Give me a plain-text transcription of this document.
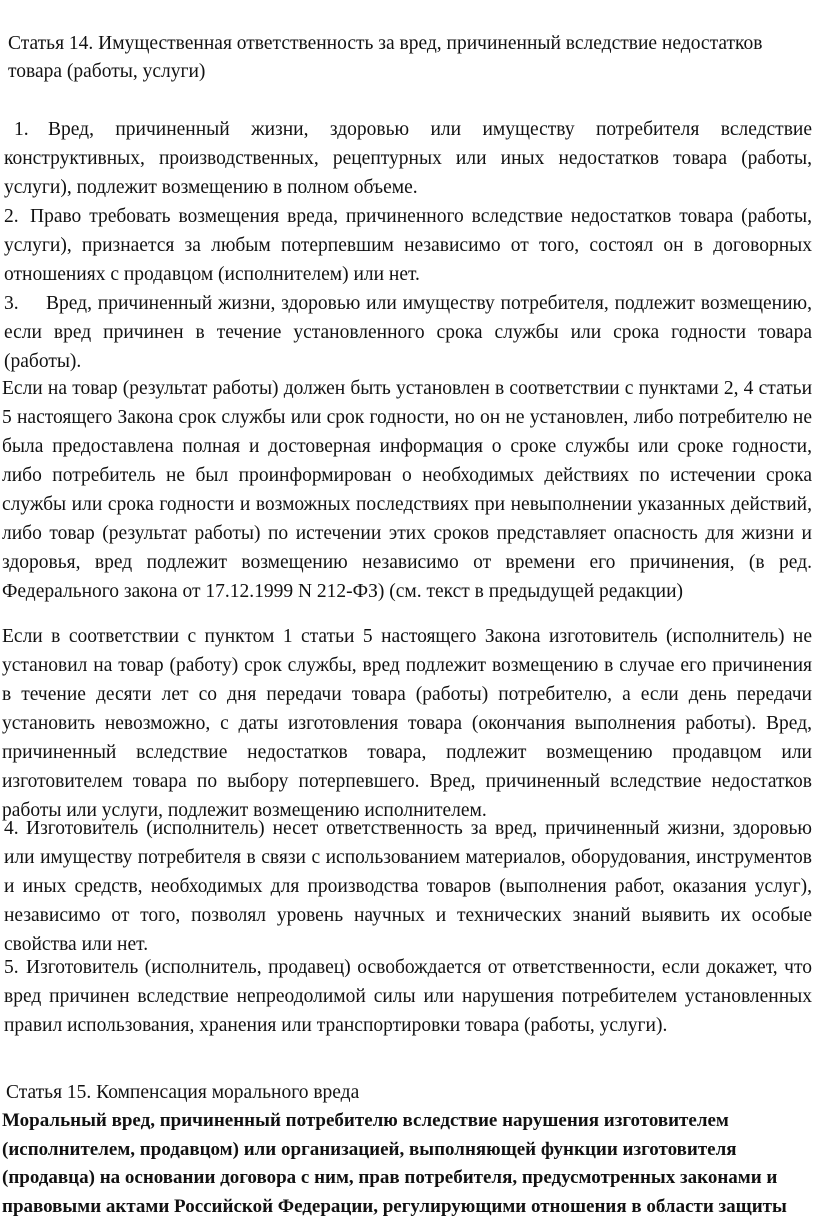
Статья 14. Имущественная ответственность за вред, причиненный вследствие недостатков товара (работы, услуги)
1. Вред, причиненный жизни, здоровью или имуществу потребителя вследствие конструктивных, производственных, рецептурных или иных недостатков товара (работы, услуги), подлежит возмещению в полном объеме.
2. Право требовать возмещения вреда, причиненного вследствие недостатков товара (работы, услуги), признается за любым потерпевшим независимо от того, состоял он в договорных отношениях с продавцом (исполнителем) или нет.
3. Вред, причиненный жизни, здоровью или имуществу потребителя, подлежит возмещению, если вред причинен в течение установленного срока службы или срока годности товара (работы).
Если на товар (результат работы) должен быть установлен в соответствии с пунктами 2, 4 статьи 5 настоящего Закона срок службы или срок годности, но он не установлен, либо потребителю не была предоставлена полная и достоверная информация о сроке службы или сроке годности, либо потребитель не был проинформирован о необходимых действиях по истечении срока службы или срока годности и возможных последствиях при невыполнении указанных действий, либо товар (результат работы) по истечении этих сроков представляет опасность для жизни и здоровья, вред подлежит возмещению независимо от времени его причинения, (в ред. Федерального закона от 17.12.1999 N 212-ФЗ) (см. текст в предыдущей редакции)
Если в соответствии с пунктом 1 статьи 5 настоящего Закона изготовитель (исполнитель) не установил на товар (работу) срок службы, вред подлежит возмещению в случае его причинения в течение десяти лет со дня передачи товара (работы) потребителю, а если день передачи установить невозможно, с даты изготовления товара (окончания выполнения работы). Вред, причиненный вследствие недостатков товара, подлежит возмещению продавцом или изготовителем товара по выбору потерпевшего. Вред, причиненный вследствие недостатков работы или услуги, подлежит возмещению исполнителем.
4. Изготовитель (исполнитель) несет ответственность за вред, причиненный жизни, здоровью или имуществу потребителя в связи с использованием материалов, оборудования, инструментов и иных средств, необходимых для производства товаров (выполнения работ, оказания услуг), независимо от того, позволял уровень научных и технических знаний выявить их особые свойства или нет.
5. Изготовитель (исполнитель, продавец) освобождается от ответственности, если докажет, что вред причинен вследствие непреодолимой силы или нарушения потребителем установленных правил использования, хранения или транспортировки товара (работы, услуги).
Статья 15. Компенсация морального вреда
Моральный вред, причиненный потребителю вследствие нарушения изготовителем (исполнителем, продавцом) или организацией, выполняющей функции изготовителя (продавца) на основании договора с ним, прав потребителя, предусмотренных законами и правовыми актами Российской Федерации, регулирующими отношения в области защиты
